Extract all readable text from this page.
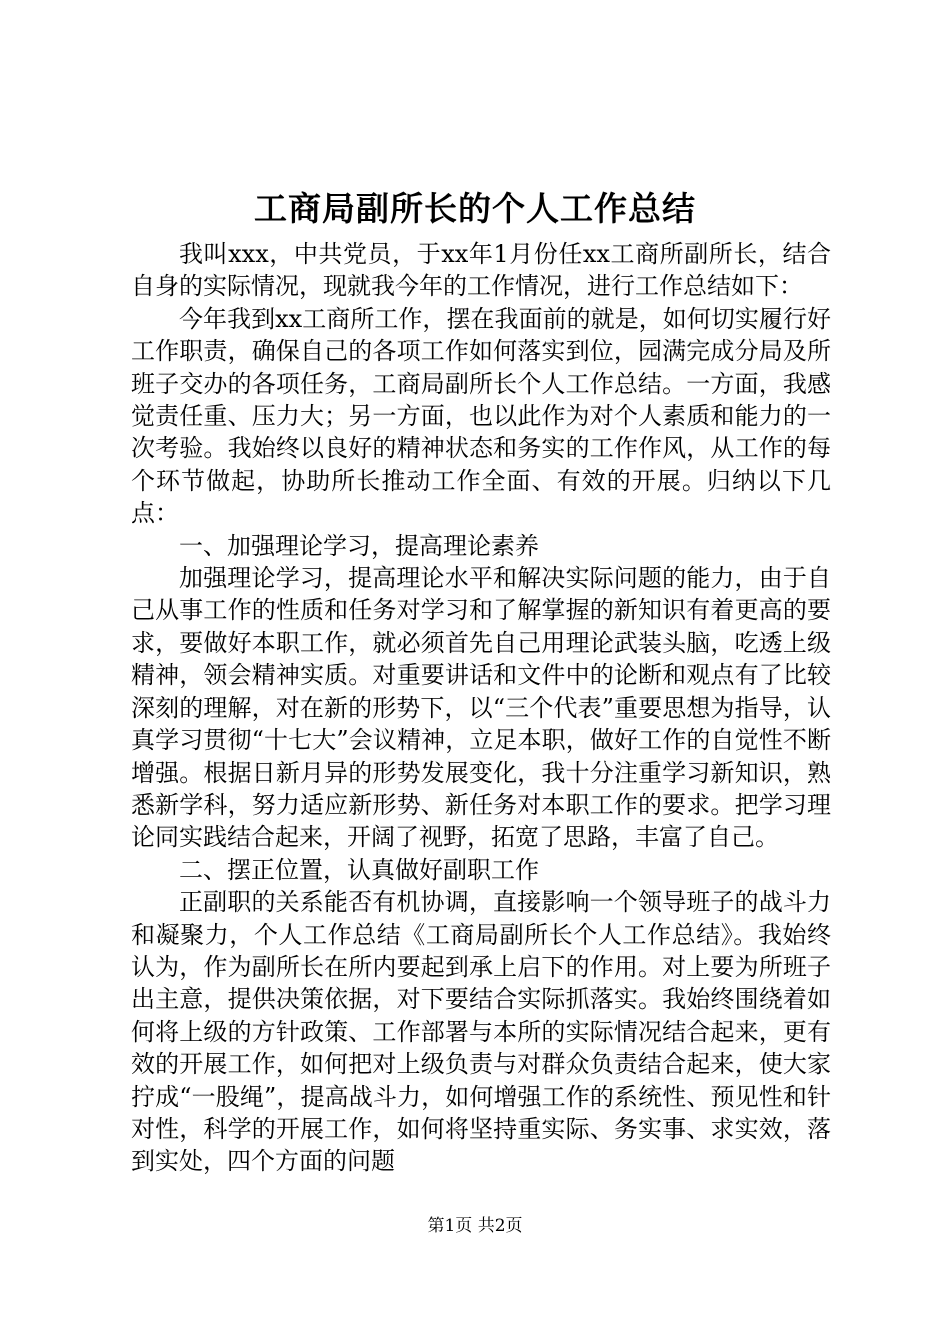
工商局副所长的个人工作总结

我叫xxx，中共党员，于xx年1月份任xx工商所副所长，结合自身的实际情况，现就我今年的工作情况，进行工作总结如下：

今年我到xx工商所工作，摆在我面前的就是，如何切实履行好工作职责，确保自己的各项工作如何落实到位，园满完成分局及所班子交办的各项任务，工商局副所长个人工作总结。一方面，我感觉责任重、压力大；另一方面，也以此作为对个人素质和能力的一次考验。我始终以良好的精神状态和务实的工作作风，从工作的每个环节做起，协助所长推动工作全面、有效的开展。归纳以下几点：

一、加强理论学习，提高理论素养

加强理论学习，提高理论水平和解决实际问题的能力，由于自己从事工作的性质和任务对学习和了解掌握的新知识有着更高的要求，要做好本职工作，就必须首先自己用理论武装头脑，吃透上级精神，领会精神实质。对重要讲话和文件中的论断和观点有了比较深刻的理解，对在新的形势下，以“三个代表”重要思想为指导，认真学习贯彻“十七大”会议精神，立足本职，做好工作的自觉性不断增强。根据日新月异的形势发展变化，我十分注重学习新知识，熟悉新学科，努力适应新形势、新任务对本职工作的要求。把学习理论同实践结合起来，开阔了视野，拓宽了思路，丰富了自己。

二、摆正位置，认真做好副职工作

正副职的关系能否有机协调，直接影响一个领导班子的战斗力和凝聚力，个人工作总结《工商局副所长个人工作总结》。我始终认为，作为副所长在所内要起到承上启下的作用。对上要为所班子出主意，提供决策依据，对下要结合实际抓落实。我始终围绕着如何将上级的方针政策、工作部署与本所的实际情况结合起来，更有效的开展工作，如何把对上级负责与对群众负责结合起来，使大家拧成“一股绳”，提高战斗力，如何增强工作的系统性、预见性和针对性，科学的开展工作，如何将坚持重实际、务实事、求实效，落到实处，四个方面的问题

第1页 共2页
